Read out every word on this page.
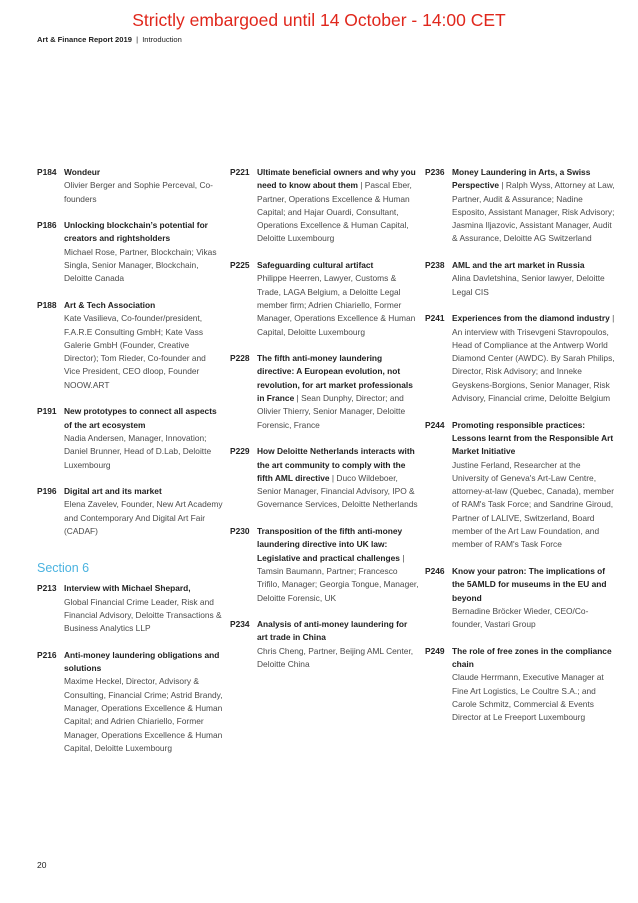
Strictly embargoed until 14 October - 14:00 CET
Art & Finance Report 2019 | Introduction
P184 Wondeur
Olivier Berger and Sophie Perceval, Co-founders
P186 Unlocking blockchain’s potential for creators and rightsholders
Michael Rose, Partner, Blockchain; Vikas Singla, Senior Manager, Blockchain, Deloitte Canada
P188 Art & Tech Association
Kate Vasilieva, Co-founder/president, F.A.R.E Consulting GmbH; Kate Vass Galerie GmbH (Founder, Creative Director); Tom Rieder, Co-founder and Vice President, CEO dloop, Founder NOOW.ART
P191 New prototypes to connect all aspects of the art ecosystem
Nadia Andersen, Manager, Innovation; Daniel Brunner, Head of D.Lab, Deloitte Luxembourg
P196 Digital art and its market
Elena Zavelev, Founder, New Art Academy and Contemporary And Digital Art Fair (CADAF)
Section 6
P213 Interview with Michael Shepard,
Global Financial Crime Leader, Risk and Financial Advisory, Deloitte Transactions & Business Analytics LLP
P216 Anti-money laundering obligations and solutions
Maxime Heckel, Director, Advisory & Consulting, Financial Crime; Astrid Brandy, Manager, Operations Excellence & Human Capital; and Adrien Chiariello, Former Manager, Operations Excellence & Human Capital, Deloitte Luxembourg
P221 Ultimate beneficial owners and why you need to know about them | Pascal Eber, Partner, Operations Excellence & Human Capital; and Hajar Ouardi, Consultant, Operations Excellence & Human Capital, Deloitte Luxembourg
P225 Safeguarding cultural artifact
Philippe Heerren, Lawyer, Customs & Trade, LAGA Belgium, a Deloitte Legal member firm; Adrien Chiariello, Former Manager, Operations Excellence & Human Capital, Deloitte Luxembourg
P228 The fifth anti-money laundering directive: A European evolution, not revolution, for art market professionals in France | Sean Dunphy, Director; and Olivier Thierry, Senior Manager, Deloitte Forensic, France
P229 How Deloitte Netherlands interacts with the art community to comply with the fifth AML directive | Duco Wildeboer, Senior Manager, Financial Advisory, IPO & Governance Services, Deloitte Netherlands
P230 Transposition of the fifth anti-money laundering directive into UK law: Legislative and practical challenges | Tamsin Baumann, Partner; Francesco Trifilo, Manager; Georgia Tongue, Manager, Deloitte Forensic, UK
P234 Analysis of anti-money laundering for art trade in China
Chris Cheng, Partner, Beijing AML Center, Deloitte China
P236 Money Laundering in Arts, a Swiss Perspective | Ralph Wyss, Attorney at Law, Partner, Audit & Assurance; Nadine Esposito, Assistant Manager, Risk Advisory; Jasmina Iljazovic, Assistant Manager, Audit & Assurance, Deloitte AG Switzerland
P238 AML and the art market in Russia
Alina Davletshina, Senior lawyer, Deloitte Legal CIS
P241 Experiences from the diamond industry | An interview with Trisevgeni Stavropoulos, Head of Compliance at the Antwerp World Diamond Center (AWDC). By Sarah Philips, Director, Risk Advisory; and Inneke Geyskens-Borgions, Senior Manager, Risk Advisory, Financial crime, Deloitte Belgium
P244 Promoting responsible practices: Lessons learnt from the Responsible Art Market Initiative
Justine Ferland, Researcher at the University of Geneva's Art-Law Centre, attorney-at-law (Quebec, Canada), member of RAM's Task Force; and Sandrine Giroud, Partner of LALIVE, Switzerland, Board member of the Art Law Foundation, and member of RAM's Task Force
P246 Know your patron: The implications of the 5AMLD for museums in the EU and beyond
Bernadine Bröcker Wieder, CEO/Co-founder, Vastari Group
P249 The role of free zones in the compliance chain
Claude Herrmann, Executive Manager at Fine Art Logistics, Le Coultre S.A.; and Carole Schmitz, Commercial & Events Director at Le Freeport Luxembourg
20
